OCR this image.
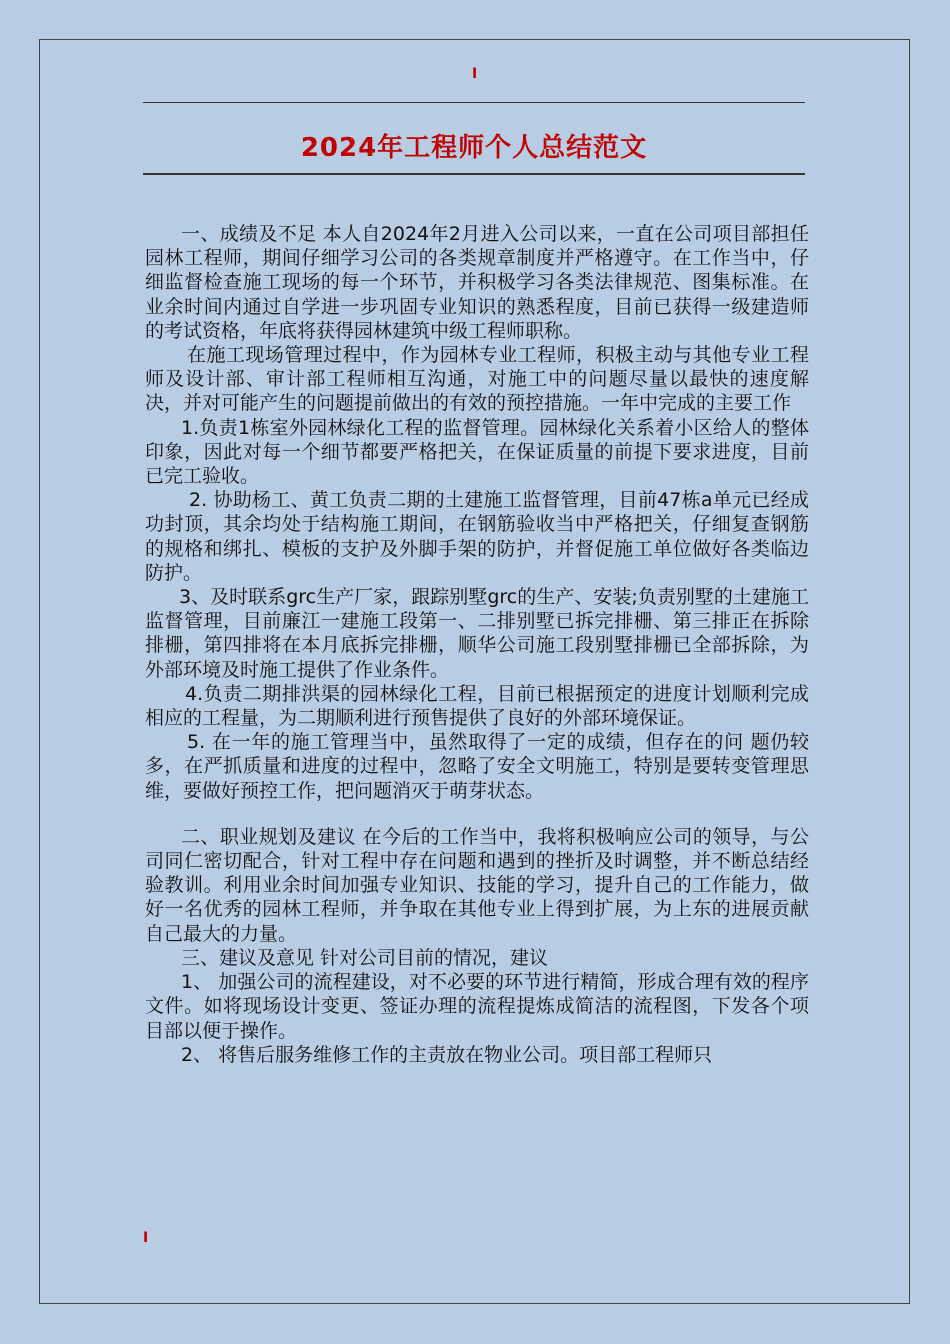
I
2024年工程师个人总结范文

一、成绩及不足 本人自2024年2月进入公司以来，一直在公司项目部担任园林工程师，期间仔细学习公司的各类规章制度并严格遵守。在工作当中，仔细监督检查施工现场的每一个环节，并积极学习各类法律规范、图集标准。在业余时间内通过自学进一步巩固专业知识的熟悉程度，目前已获得一级建造师的考试资格，年底将获得园林建筑中级工程师职称。

在施工现场管理过程中，作为园林专业工程师，积极主动与其他专业工程师及设计部、审计部工程师相互沟通，对施工中的问题尽量以最快的速度解决，并对可能产生的问题提前做出的有效的预控措施。一年中完成的主要工作

1.负责1栋室外园林绿化工程的监督管理。园林绿化关系着小区给人的整体印象，因此对每一个细节都要严格把关，在保证质量的前提下要求进度，目前已完工验收。

2. 协助杨工、黄工负责二期的土建施工监督管理，目前47栋a单元已经成功封顶，其余均处于结构施工期间，在钢筋验收当中严格把关，仔细复查钢筋的规格和绑扎、模板的支护及外脚手架的防护，并督促施工单位做好各类临边防护。

3、及时联系grc生产厂家，跟踪别墅grc的生产、安装;负责别墅的土建施工监督管理，目前廉江一建施工段第一、二排别墅已拆完排栅、第三排正在拆除排栅，第四排将在本月底拆完排栅，顺华公司施工段别墅排栅已全部拆除，为外部环境及时施工提供了作业条件。

4.负责二期排洪渠的园林绿化工程，目前已根据预定的进度计划顺利完成相应的工程量，为二期顺利进行预售提供了良好的外部环境保证。

5. 在一年的施工管理当中，虽然取得了一定的成绩，但存在的问 题仍较多，在严抓质量和进度的过程中，忽略了安全文明施工，特别是要转变管理思维，要做好预控工作，把问题消灭于萌芽状态。

二、职业规划及建议 在今后的工作当中，我将积极响应公司的领导，与公司同仁密切配合，针对工程中存在问题和遇到的挫折及时调整，并不断总结经验教训。利用业余时间加强专业知识、技能的学习，提升自己的工作能力，做好一名优秀的园林工程师，并争取在其他专业上得到扩展，为上东的进展贡献自己最大的力量。

三、建议及意见 针对公司目前的情况，建议

1、 加强公司的流程建设，对不必要的环节进行精简，形成合理有效的程序文件。如将现场设计变更、签证办理的流程提炼成简洁的流程图，下发各个项目部以便于操作。

2、 将售后服务维修工作的主责放在物业公司。项目部工程师只

I
